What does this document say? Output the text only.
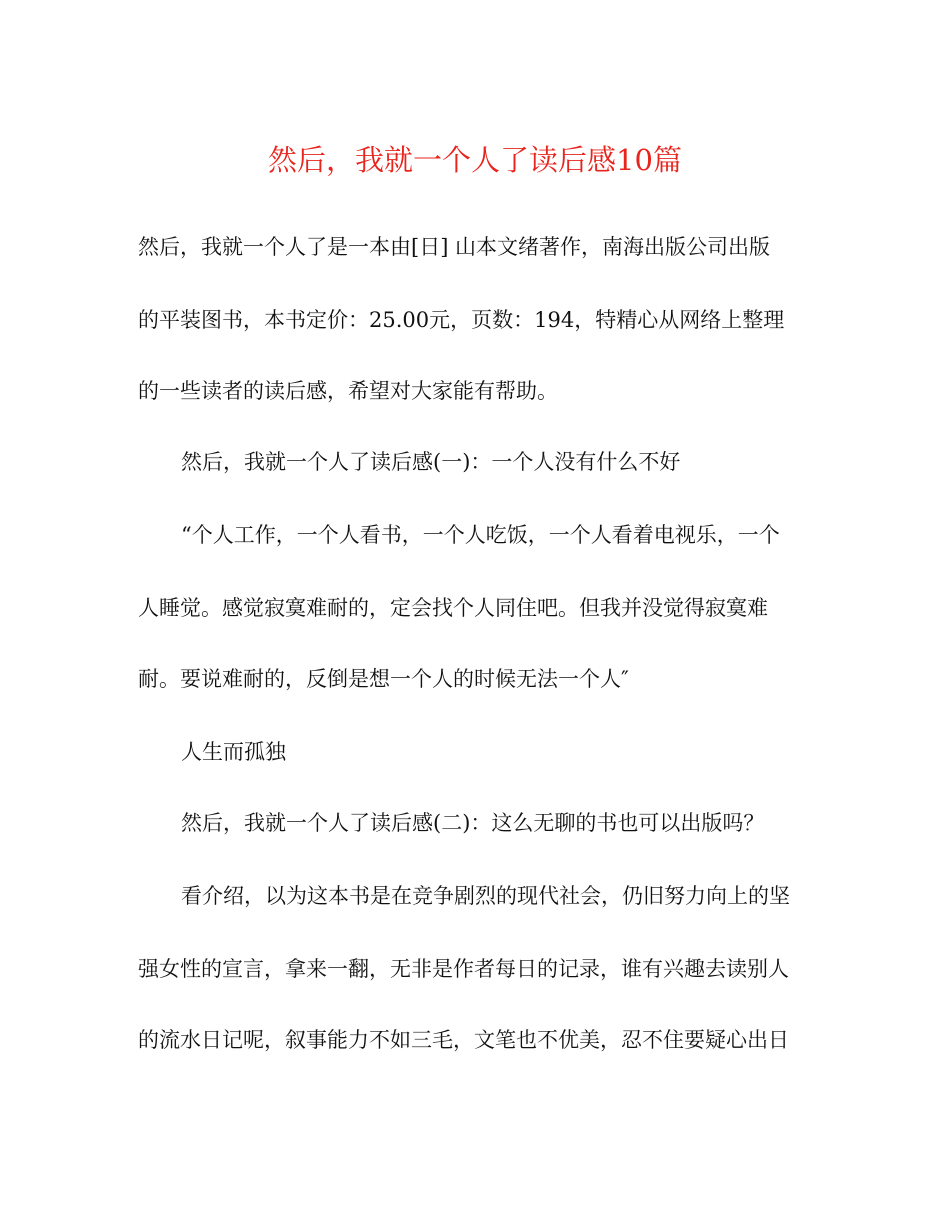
然后，我就一个人了读后感10篇
然后，我就一个人了是一本由[日] 山本文绪著作，南海出版公司出版
的平装图书，本书定价：25.00元，页数：194，特精心从网络上整理
的一些读者的读后感，希望对大家能有帮助。
然后，我就一个人了读后感(一)：一个人没有什么不好
“个人工作，一个人看书，一个人吃饭，一个人看着电视乐，一个
人睡觉。感觉寂寞难耐的，定会找个人同住吧。但我并没觉得寂寞难
耐。要说难耐的，反倒是想一个人的时候无法一个人″
人生而孤独
然后，我就一个人了读后感(二)：这么无聊的书也可以出版吗？
看介绍，以为这本书是在竞争剧烈的现代社会，仍旧努力向上的坚
强女性的宣言，拿来一翻，无非是作者每日的记录，谁有兴趣去读别人
的流水日记呢，叙事能力不如三毛，文笔也不优美，忍不住要疑心出日
